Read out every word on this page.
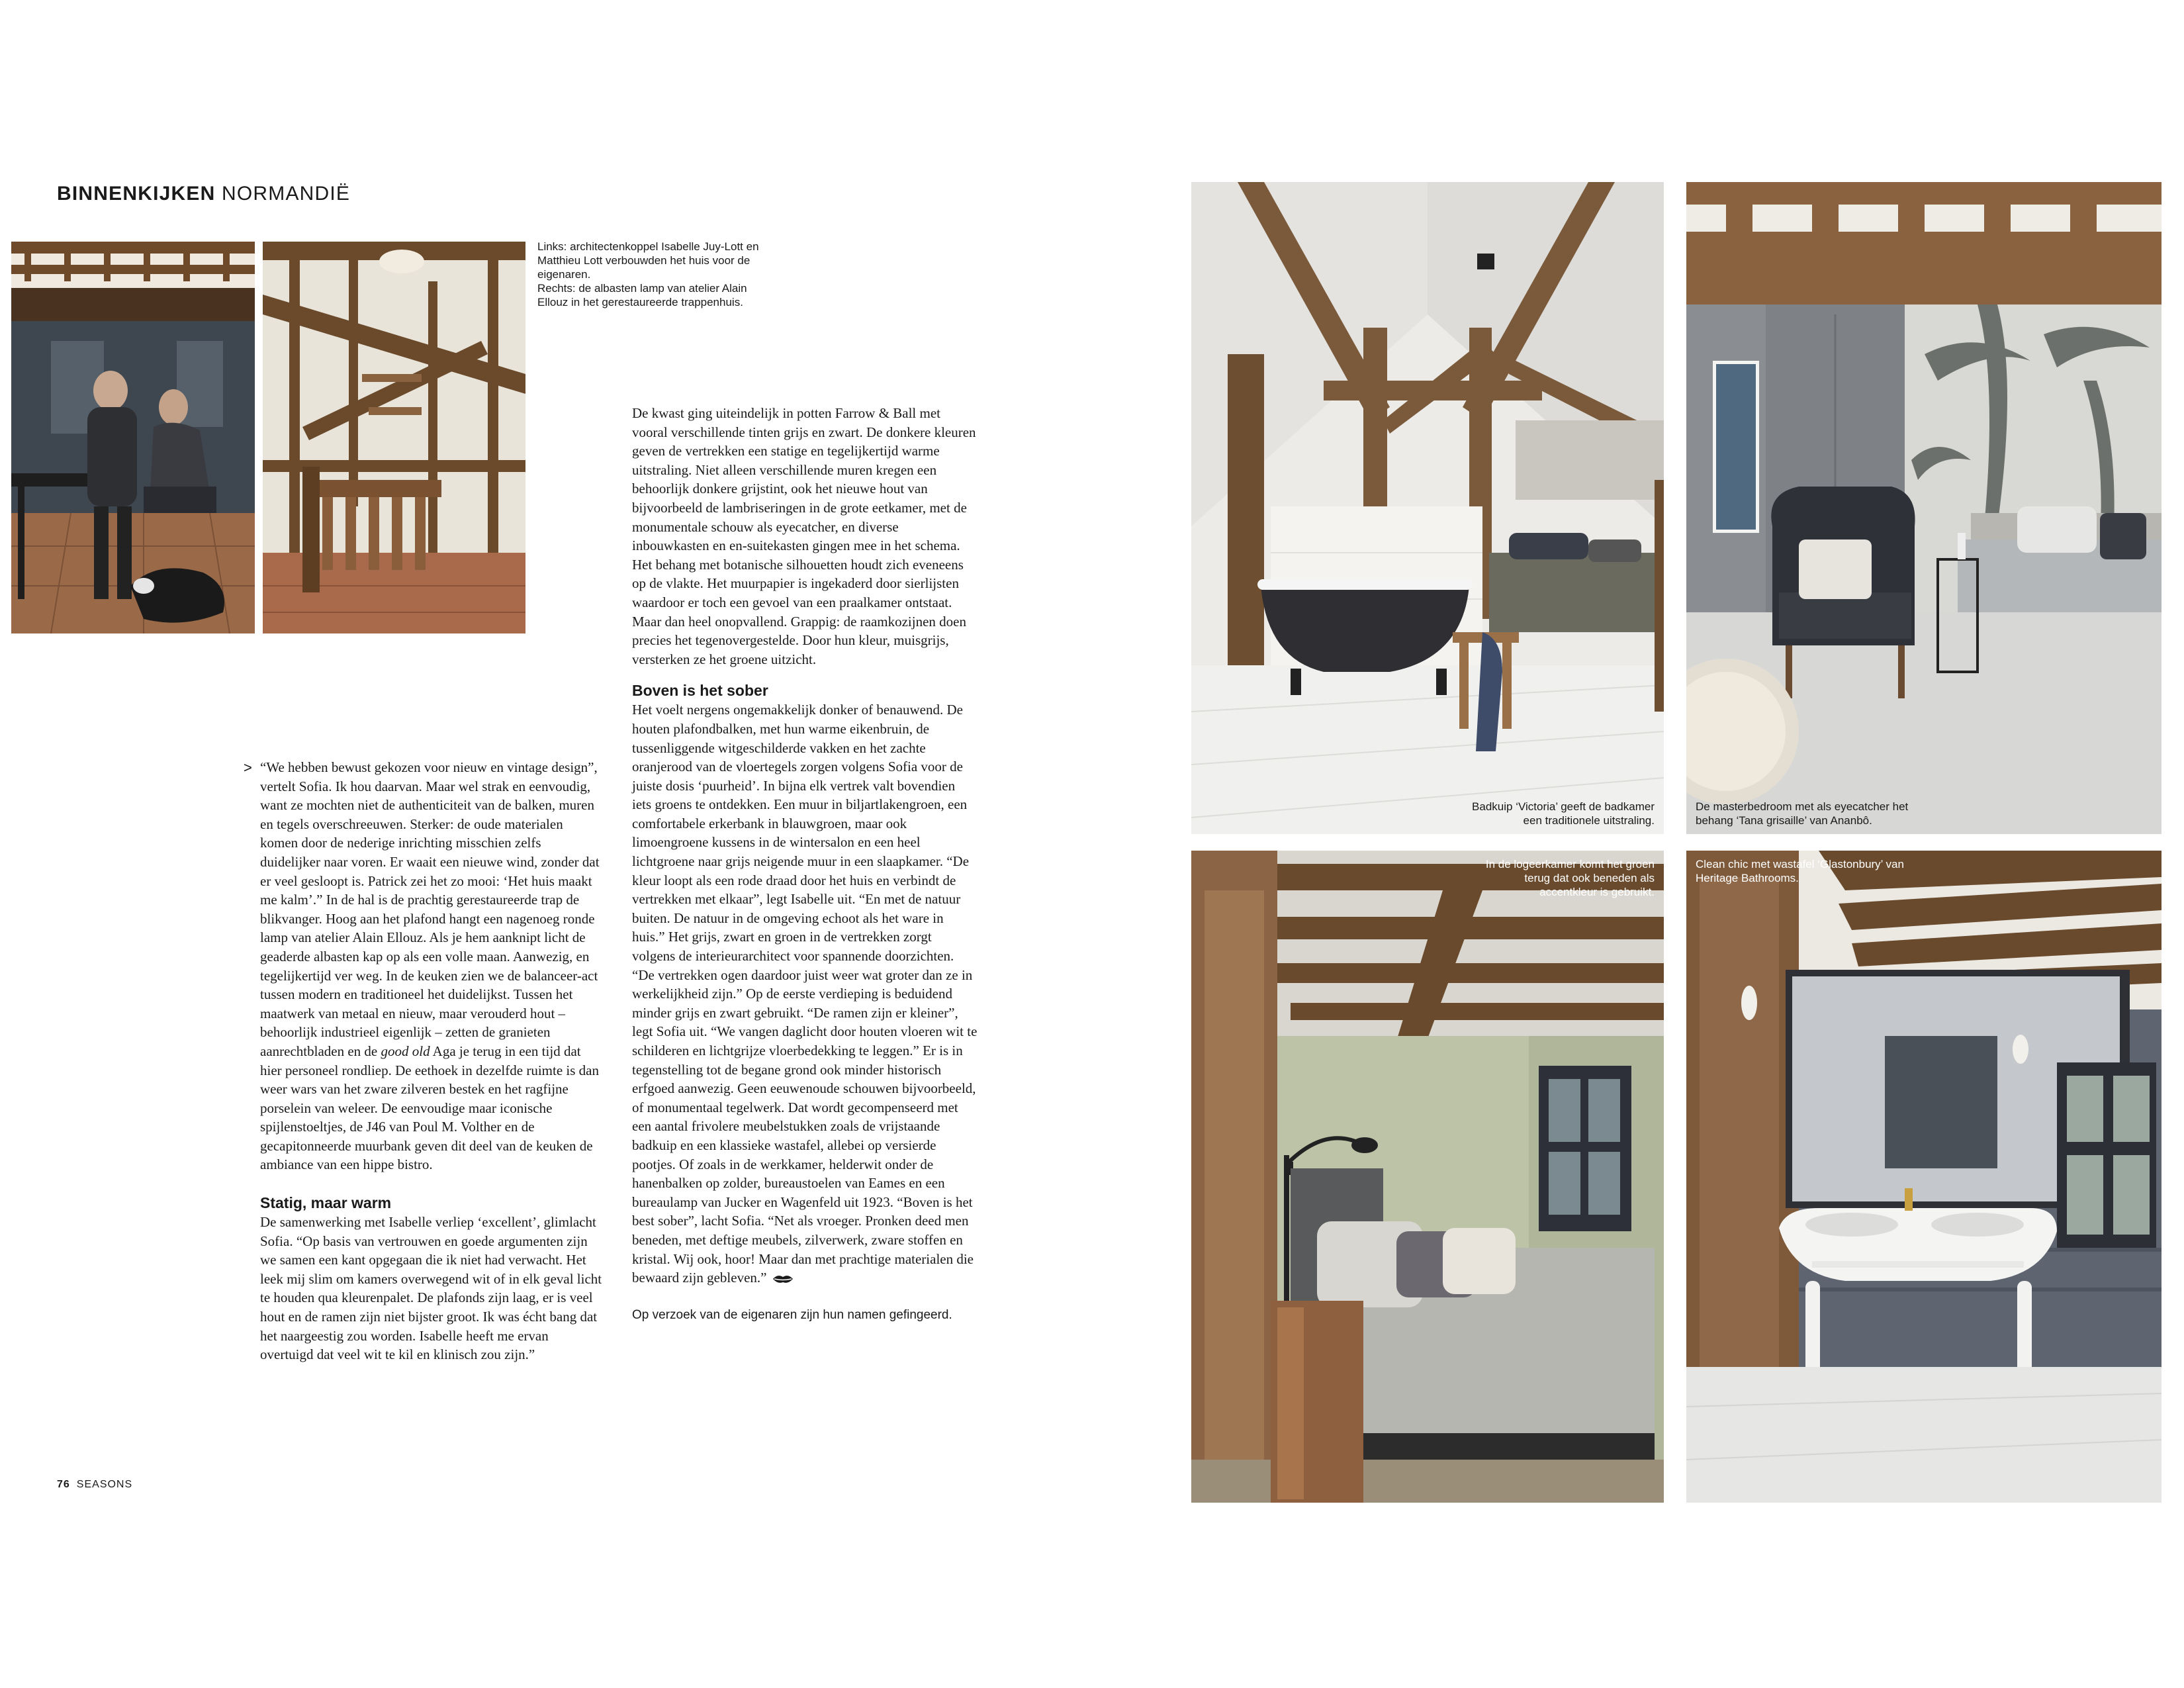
BINNENKIJKEN NORMANDIË

Links: architectenkoppel Isabelle Juy-Lott en Matthieu Lott verbouwden het huis voor de eigenaren.

Rechts: de albasten lamp van atelier Alain Ellouz in het gerestaureerde trappenhuis.

> “We hebben bewust gekozen voor nieuw en vintage design”, vertelt Sofia. Ik hou daarvan. Maar wel strak en eenvoudig, want ze mochten niet de authenticiteit van de balken, muren en tegels overschreeuwen. Sterker: de oude materialen komen door de nederige inrichting misschien zelfs duidelijker naar voren. Er waait een nieuwe wind, zonder dat er veel gesloopt is. Patrick zei het zo mooi: ‘Het huis maakt me kalm’.” In de hal is de prachtig gerestaureerde trap de blikvanger. Hoog aan het plafond hangt een nagenoeg ronde lamp van atelier Alain Ellouz. Als je hem aanknipt licht de geaderde albasten kap op als een volle maan. Aanwezig, en tegelijkertijd ver weg. In de keuken zien we de balanceer-act tussen modern en traditioneel het duidelijkst. Tussen het maatwerk van metaal en nieuw, maar verouderd hout – behoorlijk industrieel eigenlijk – zetten de granieten aanrechtbladen en de good old Aga je terug in een tijd dat hier personeel rondliep. De eethoek in dezelfde ruimte is dan weer wars van het zware zilveren bestek en het ragfijne porselein van weleer. De eenvoudige maar iconische spijlenstoeltjes, de J46 van Poul M. Volther en de gecapitonneerde muurbank geven dit deel van de keuken de ambiance van een hippe bistro.

Statig, maar warm

De samenwerking met Isabelle verliep ‘excellent’, glimlacht Sofia. “Op basis van vertrouwen en goede argumenten zijn we samen een kant opgegaan die ik niet had verwacht. Het leek mij slim om kamers overwegend wit of in elk geval licht te houden qua kleurenpalet. De plafonds zijn laag, er is veel hout en de ramen zijn niet bijster groot. Ik was écht bang dat het naargeestig zou worden. Isabelle heeft me ervan overtuigd dat veel wit te kil en klinisch zou zijn.”

De kwast ging uiteindelijk in potten Farrow & Ball met vooral verschillende tinten grijs en zwart. De donkere kleuren geven de vertrekken een statige en tegelijkertijd warme uitstraling. Niet alleen verschillende muren kregen een behoorlijk donkere grijstint, ook het nieuwe hout van bijvoorbeeld de lambriseringen in de grote eetkamer, met de monumentale schouw als eyecatcher, en diverse inbouwkasten en en-suitekasten gingen mee in het schema. Het behang met botanische silhouetten houdt zich eveneens op de vlakte. Het muurpapier is ingekaderd door sierlijsten waardoor er toch een gevoel van een praalkamer ontstaat. Maar dan heel onopvallend. Grappig: de raamkozijnen doen precies het tegenovergestelde. Door hun kleur, muisgrijs, versterken ze het groene uitzicht.

Boven is het sober

Het voelt nergens ongemakkelijk donker of benauwend. De houten plafondbalken, met hun warme eikenbruin, de tussenliggende witgeschilderde vakken en het zachte oranjerood van de vloertegels zorgen volgens Sofia voor de juiste dosis ‘puurheid’. In bijna elk vertrek valt bovendien iets groens te ontdekken. Een muur in biljartlakengroen, een comfortabele erkerbank in blauwgroen, maar ook limoengroene kussens in de wintersalon en een heel lichtgroene naar grijs neigende muur in een slaapkamer. “De kleur loopt als een rode draad door het huis en verbindt de vertrekken met elkaar”, legt Isabelle uit. “En met de natuur buiten. De natuur in de omgeving echoot als het ware in huis.” Het grijs, zwart en groen in de vertrekken zorgt volgens de interieurarchitect voor spannende doorzichten. “De vertrekken ogen daardoor juist weer wat groter dan ze in werkelijkheid zijn.” Op de eerste verdieping is beduidend minder grijs en zwart gebruikt. “De ramen zijn er kleiner”, legt Sofia uit. “We vangen daglicht door houten vloeren wit te schilderen en lichtgrijze vloerbedekking te leggen.” Er is in tegenstelling tot de begane grond ook minder historisch erfgoed aanwezig. Geen eeuwenoude schouwen bijvoorbeeld, of monumentaal tegelwerk. Dat wordt gecompenseerd met een aantal frivolere meubelstukken zoals de vrijstaande badkuip en een klassieke wastafel, allebei op versierde pootjes. Of zoals in de werkkamer, helderwit onder de hanenbalken op zolder, bureaustoelen van Eames en een bureaulamp van Jucker en Wagenfeld uit 1923. “Boven is het best sober”, lacht Sofia. “Net als vroeger. Pronken deed men beneden, met deftige meubels, zilverwerk, zware stoffen en kristal. Wij ook, hoor! Maar dan met prachtige materialen die bewaard zijn gebleven.”

Op verzoek van de eigenaren zijn hun namen gefingeerd.
76 SEASONS
Badkuip ‘Victoria’ geeft de badkamer een traditionele uitstraling.
De masterbedroom met als eyecatcher het behang ‘Tana grisaille’ van Ananbô.
In de logeerkamer komt het groen terug dat ook beneden als accentkleur is gebruikt.
Clean chic met wastafel ‘Glastonbury’ van Heritage Bathrooms.
